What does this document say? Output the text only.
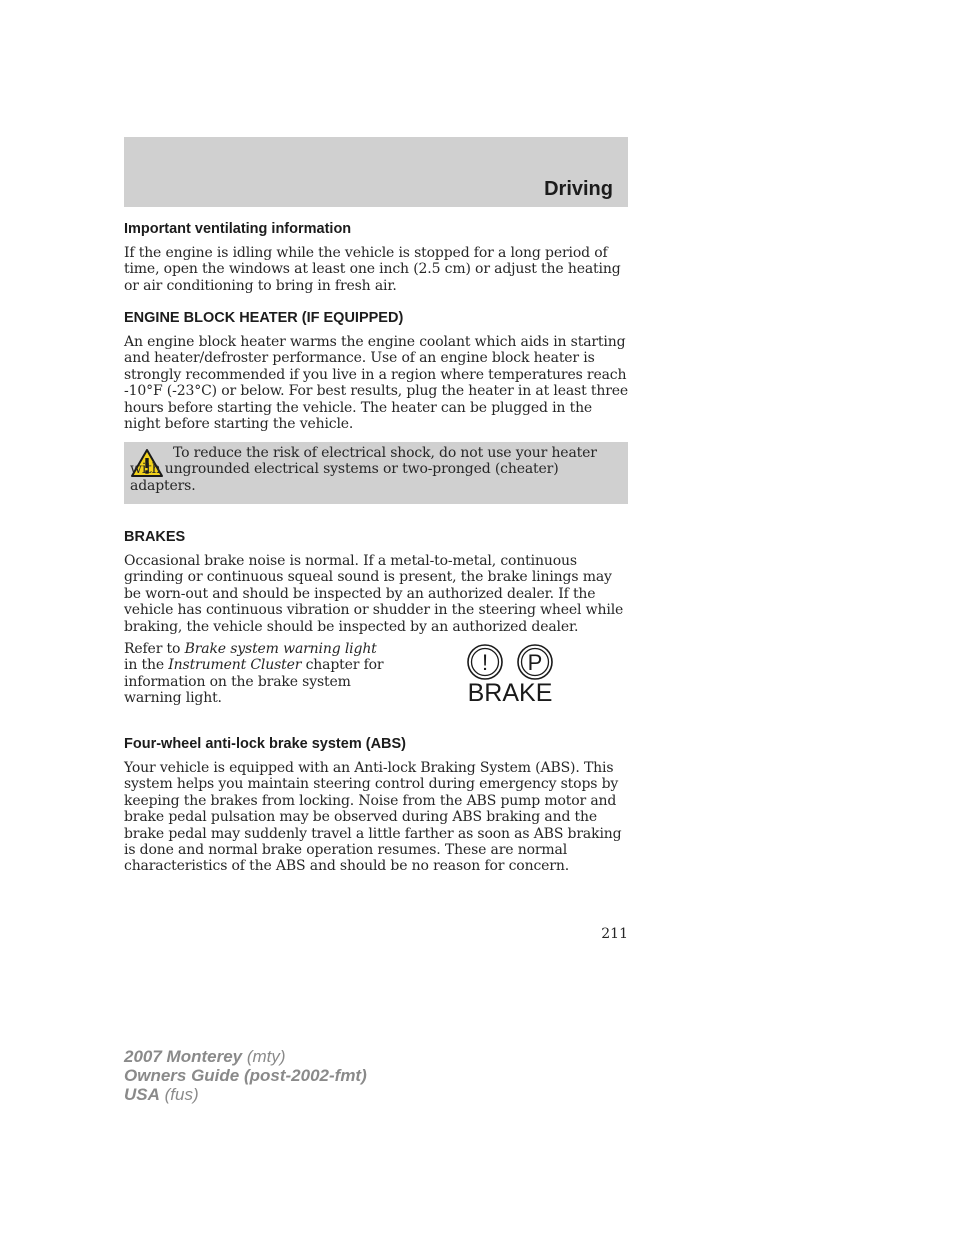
Driving
Important ventilating information

If the engine is idling while the vehicle is stopped for a long period of time, open the windows at least one inch (2.5 cm) or adjust the heating or air conditioning to bring in fresh air.

ENGINE BLOCK HEATER (IF EQUIPPED)

An engine block heater warms the engine coolant which aids in starting and heater/defroster performance. Use of an engine block heater is strongly recommended if you live in a region where temperatures reach -10°F (-23°C) or below. For best results, plug the heater in at least three hours before starting the vehicle. The heater can be plugged in the night before starting the vehicle.

To reduce the risk of electrical shock, do not use your heater with ungrounded electrical systems or two-pronged (cheater) adapters.

BRAKES

Occasional brake noise is normal. If a metal-to-metal, continuous grinding or continuous squeal sound is present, the brake linings may be worn-out and should be inspected by an authorized dealer. If the vehicle has continuous vibration or shudder in the steering wheel while braking, the vehicle should be inspected by an authorized dealer.

Refer to Brake system warning light in the Instrument Cluster chapter for information on the brake system warning light.

! P
BRAKE
Four-wheel anti-lock brake system (ABS)

Your vehicle is equipped with an Anti-lock Braking System (ABS). This system helps you maintain steering control during emergency stops by keeping the brakes from locking. Noise from the ABS pump motor and brake pedal pulsation may be observed during ABS braking and the brake pedal may suddenly travel a little farther as soon as ABS braking is done and normal brake operation resumes. These are normal characteristics of the ABS and should be no reason for concern.

211
2007 Monterey (mty)
Owners Guide (post-2002-fmt)
USA (fus)
